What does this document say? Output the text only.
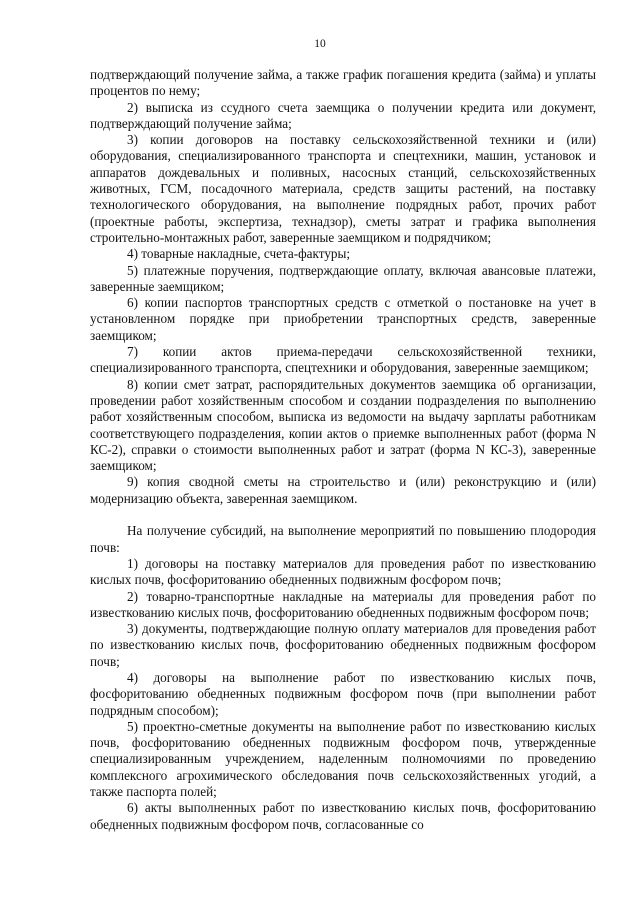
10

подтверждающий получение займа, а также график погашения кредита (займа) и уплаты процентов по нему;

2) выписка из ссудного счета заемщика о получении кредита или документ, подтверждающий получение займа;

3) копии договоров на поставку сельскохозяйственной техники и (или) оборудования, специализированного транспорта и спецтехники, машин, установок и аппаратов дождевальных и поливных, насосных станций, сельскохозяйственных животных, ГСМ, посадочного материала, средств защиты растений, на поставку технологического оборудования, на выполнение подрядных работ, прочих работ (проектные работы, экспертиза, технадзор), сметы затрат и графика выполнения строительно-монтажных работ, заверенные заемщиком и подрядчиком;

4) товарные накладные, счета-фактуры;

5) платежные поручения, подтверждающие оплату, включая авансовые платежи, заверенные заемщиком;

6) копии паспортов транспортных средств с отметкой о постановке на учет в установленном порядке при приобретении транспортных средств, заверенные заемщиком;

7) копии актов приема-передачи сельскохозяйственной техники, специализированного транспорта, спецтехники и оборудования, заверенные заемщиком;

8) копии смет затрат, распорядительных документов заемщика об организации, проведении работ хозяйственным способом и создании подразделения по выполнению работ хозяйственным способом, выписка из ведомости на выдачу зарплаты работникам соответствующего подразделения, копии актов о приемке выполненных работ (форма N КС-2), справки о стоимости выполненных работ и затрат (форма N КС-3), заверенные заемщиком;

9) копия сводной сметы на строительство и (или) реконструкцию и (или) модернизацию объекта, заверенная заемщиком.

На получение субсидий, на выполнение мероприятий по повышению плодородия почв:

1) договоры на поставку материалов для проведения работ по известкованию кислых почв, фосфоритованию обедненных подвижным фосфором почв;

2) товарно-транспортные накладные на материалы для проведения работ по известкованию кислых почв, фосфоритованию обедненных подвижным фосфором почв;

3) документы, подтверждающие полную оплату материалов для проведения работ по известкованию кислых почв, фосфоритованию обедненных подвижным фосфором почв;

4) договоры на выполнение работ по известкованию кислых почв, фосфоритованию обедненных подвижным фосфором почв (при выполнении работ подрядным способом);

5) проектно-сметные документы на выполнение работ по известкованию кислых почв, фосфоритованию обедненных подвижным фосфором почв, утвержденные специализированным учреждением, наделенным полномочиями по проведению комплексного агрохимического обследования почв сельскохозяйственных угодий, а также паспорта полей;

6) акты выполненных работ по известкованию кислых почв, фосфоритованию обедненных подвижным фосфором почв, согласованные со
